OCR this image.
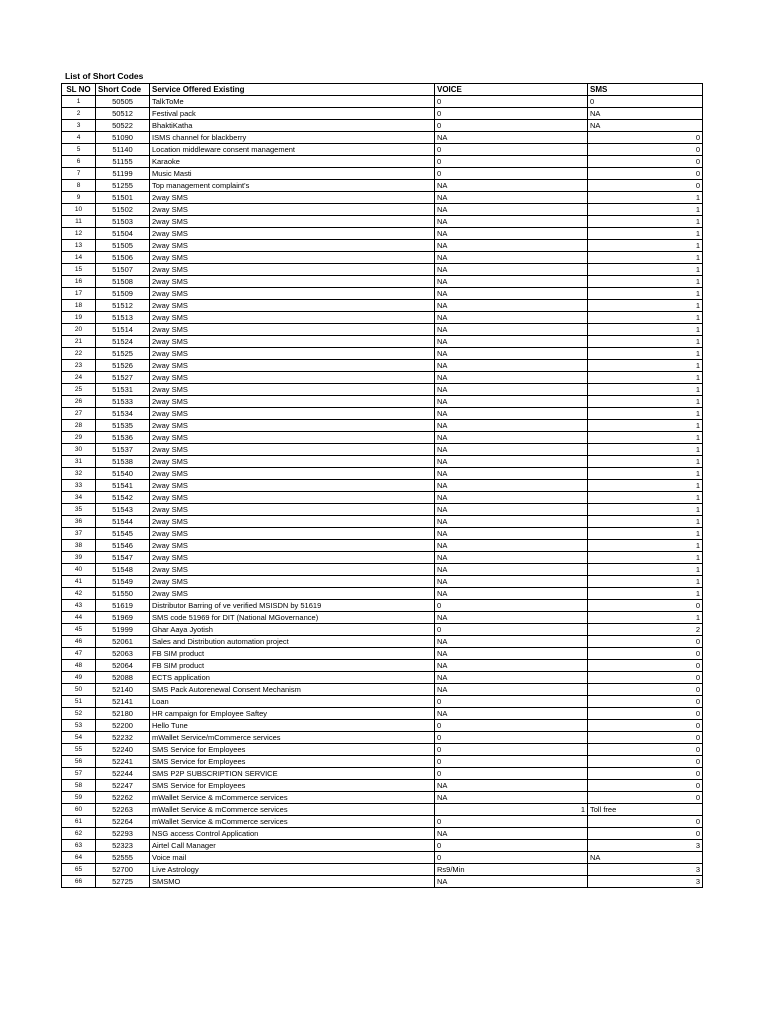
List of Short Codes
SL NO	Short Code	Service Offered Existing	VOICE	SMS
1	50505	TalkToMe	0	0
2	50512	Festival pack	0	NA
3	50522	BhaktiKatha	0	NA
4	51090	ISMS channel for blackberry	NA	0
5	51140	Location middleware consent management	0	0
6	51155	Karaoke	0	0
7	51199	Music Masti	0	0
8	51255	Top management complaint's	NA	0
9	51501	2way SMS	NA	1
10	51502	2way SMS	NA	1
11	51503	2way SMS	NA	1
12	51504	2way SMS	NA	1
13	51505	2way SMS	NA	1
14	51506	2way SMS	NA	1
15	51507	2way SMS	NA	1
16	51508	2way SMS	NA	1
17	51509	2way SMS	NA	1
18	51512	2way SMS	NA	1
19	51513	2way SMS	NA	1
20	51514	2way SMS	NA	1
21	51524	2way SMS	NA	1
22	51525	2way SMS	NA	1
23	51526	2way SMS	NA	1
24	51527	2way SMS	NA	1
25	51531	2way SMS	NA	1
26	51533	2way SMS	NA	1
27	51534	2way SMS	NA	1
28	51535	2way SMS	NA	1
29	51536	2way SMS	NA	1
30	51537	2way SMS	NA	1
31	51538	2way SMS	NA	1
32	51540	2way SMS	NA	1
33	51541	2way SMS	NA	1
34	51542	2way SMS	NA	1
35	51543	2way SMS	NA	1
36	51544	2way SMS	NA	1
37	51545	2way SMS	NA	1
38	51546	2way SMS	NA	1
39	51547	2way SMS	NA	1
40	51548	2way SMS	NA	1
41	51549	2way SMS	NA	1
42	51550	2way SMS	NA	1
43	51619	Distributor Barring of ve verified MSISDN by 51619	0	0
44	51969	SMS code 51969 for DIT (National MGovernance)	NA	1
45	51999	Ghar Aaya Jyotish	0	2
46	52061	Sales and Distribution automation project	NA	0
47	52063	FB SIM product	NA	0
48	52064	FB SIM product	NA	0
49	52088	ECTS application	NA	0
50	52140	SMS Pack Autorenewal Consent Mechanism	NA	0
51	52141	Loan	0	0
52	52180	HR campaign for Employee Saftey	NA	0
53	52200	Hello Tune	0	0
54	52232	mWallet Service/mCommerce services	0	0
55	52240	SMS Service for Employees	0	0
56	52241	SMS Service for Employees	0	0
57	52244	SMS P2P SUBSCRIPTION SERVICE	0	0
58	52247	SMS Service for Employees	NA	0
59	52262	mWallet Service & mCommerce services	NA	0
60	52263	mWallet Service & mCommerce services	1	Toll free
61	52264	mWallet Service & mCommerce services	0	0
62	52293	NSG access Control Application	NA	0
63	52323	Airtel Call Manager	0	3
64	52555	Voice mail	0	NA
65	52700	Live Astrology	Rs9/Min	3
66	52725	SMSMO	NA	3
